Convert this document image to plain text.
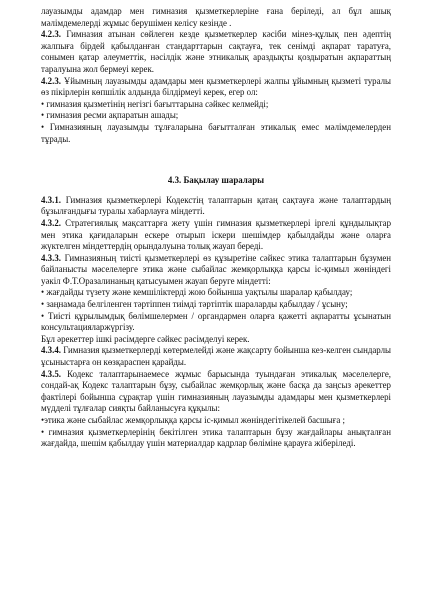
лауазымды адамдар мен гимназия қызметкерлеріне ғана беріледі, ал бұл ашық мәлімдемелерді жұмыс берушімен келісу кезінде .

4.2.3. Гимназия атынан сөйлеген кезде қызметкерлер кәсіби мінез-құлық пен әдептің жалпыға бірдей қабылданған стандарттарын сақтауға, тек сенімді ақпарат таратуға, сонымен қатар әлеуметтік, нәсілдік және этникалық араздықты қоздыратын ақпараттың таралуына жол бермеуі керек.

4.2.3. Ұйымның лауазымды адамдары мен қызметкерлері жалпы ұйымның қызметі туралы өз пікірлерін көпшілік алдында білдірмеуі керек, егер ол:

• гимназия қызметінің негізгі бағыттарына сәйкес келмейді;

• гимназия ресми ақпаратын ашады;

• Гимназияның лауазымды тұлғаларына бағытталған этикалық емес мәлімдемелерден тұрады.

4.3. Бақылау шаралары

4.3.1. Гимназия қызметкерлері Кодекстің талаптарын қатаң сақтауға және талаптардың бұзылғандығы туралы хабарлауға міндетті.

4.3.2. Стратегиялық мақсаттарға жету үшін гимназия қызметкерлері іргелі құндылықтар мен этика қағидаларын ескере отырып іскери шешімдер қабылдайды және оларға жүктелген міндеттердің орындалуына толық жауап береді.

4.3.3. Гимназияның тиісті қызметкерлері өз құзыретіне сәйкес этика талаптарын бұзумен байланысты мәселелерге этика және сыбайлас жемқорлыққа қарсы іс-қимыл жөніндегі уәкіл Ф.Т.Оразалинаның қатысуымен жауап беруге міндетті:

• жағдайды түзету және кемшіліктерді жою бойынша уақтылы шаралар қабылдау;

• заңнамада белгіленген тәртіппен тиімді тәртіптік шараларды қабылдау / ұсыну;

• Тиісті құрылымдық бөлімшелермен / органдармен оларға қажетті ақпаратты ұсынатын консультацияларжүргізу.

Бұл әрекеттер ішкі рәсімдерге сәйкес рәсімделуі керек.

4.3.4. Гимназия қызметкерлерді көтермелейді және жақсарту бойынша кез-келген сындарлы ұсыныстарға он көзқараспен қарайды.

4.3.5. Кодекс талаптарынаемесе жұмыс барысында туындаған этикалық мәселелерге, сондай-ақ Кодекс талаптарын бұзу, сыбайлас жемқорлық және басқа да заңсыз әрекеттер фактілері бойынша сұрақтар үшін гимназияның лауазымды адамдары мен қызметкерлері мүдделі тұлғалар сияқты байланысуға құқылы:

•этика және сыбайлас жемқорлыққа қарсы іс-қимыл жөніндегітікелей басшыға ;

• гимназия қызметкерлерінің бекітілген этика талаптарын бұзу жағдайлары анықталған жағдайда, шешім қабылдау үшін материалдар кадрлар бөліміне қарауға жіберіледі.
